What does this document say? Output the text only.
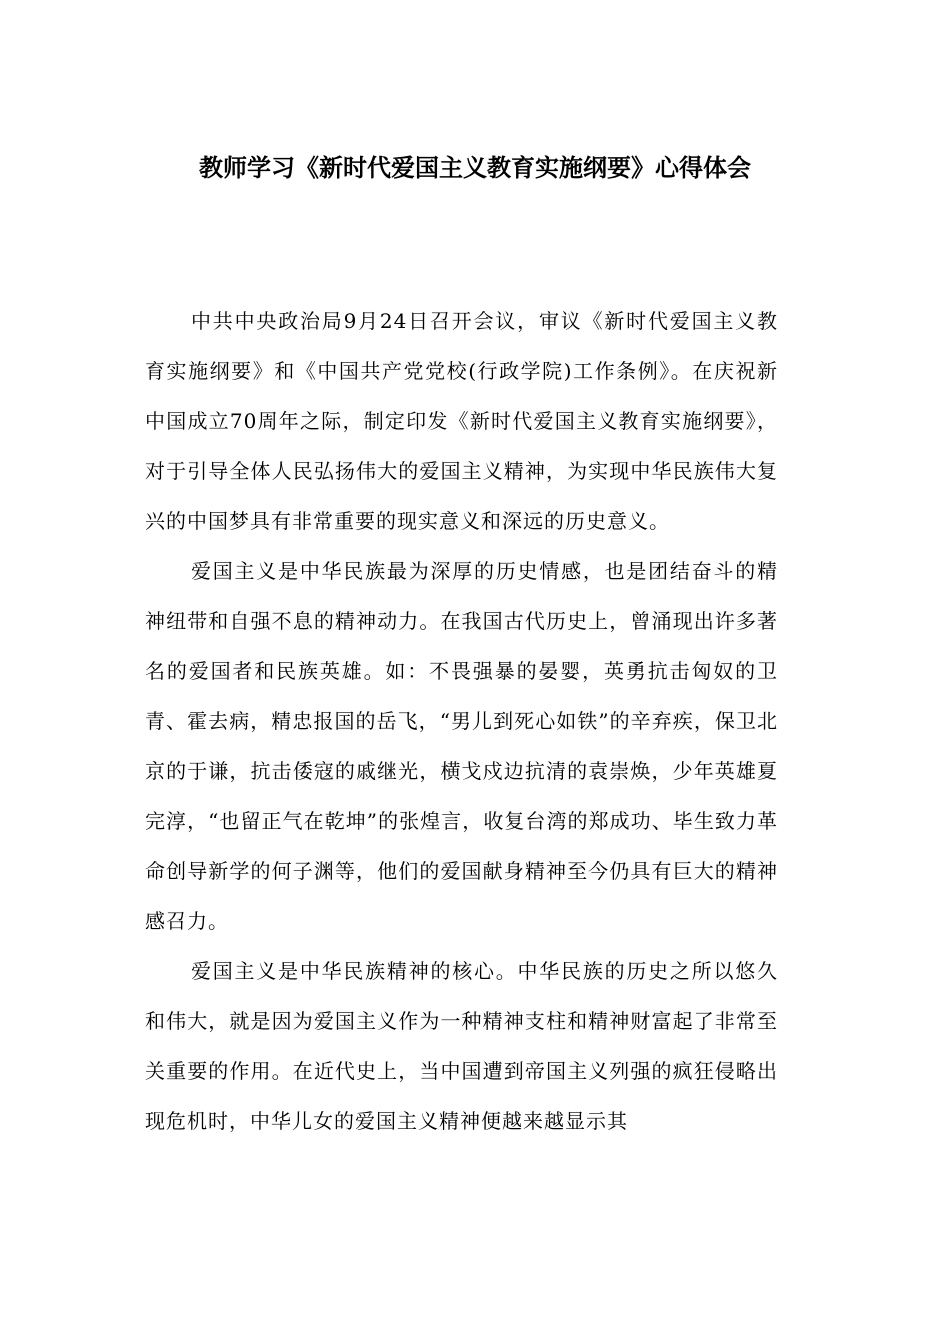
教师学习《新时代爱国主义教育实施纲要》心得体会

中共中央政治局9月24日召开会议，审议《新时代爱国主义教育实施纲要》和《中国共产党党校(行政学院)工作条例》。在庆祝新中国成立70周年之际，制定印发《新时代爱国主义教育实施纲要》，对于引导全体人民弘扬伟大的爱国主义精神，为实现中华民族伟大复兴的中国梦具有非常重要的现实意义和深远的历史意义。

爱国主义是中华民族最为深厚的历史情感，也是团结奋斗的精神纽带和自强不息的精神动力。在我国古代历史上，曾涌现出许多著名的爱国者和民族英雄。如：不畏强暴的晏婴，英勇抗击匈奴的卫青、霍去病，精忠报国的岳飞，“男儿到死心如铁”的辛弃疾，保卫北京的于谦，抗击倭寇的戚继光，横戈戍边抗清的袁崇焕，少年英雄夏完淳，“也留正气在乾坤”的张煌言，收复台湾的郑成功、毕生致力革命创导新学的何子渊等，他们的爱国献身精神至今仍具有巨大的精神感召力。

爱国主义是中华民族精神的核心。中华民族的历史之所以悠久和伟大，就是因为爱国主义作为一种精神支柱和精神财富起了非常至关重要的作用。在近代史上，当中国遭到帝国主义列强的疯狂侵略出现危机时，中华儿女的爱国主义精神便越来越显示其
